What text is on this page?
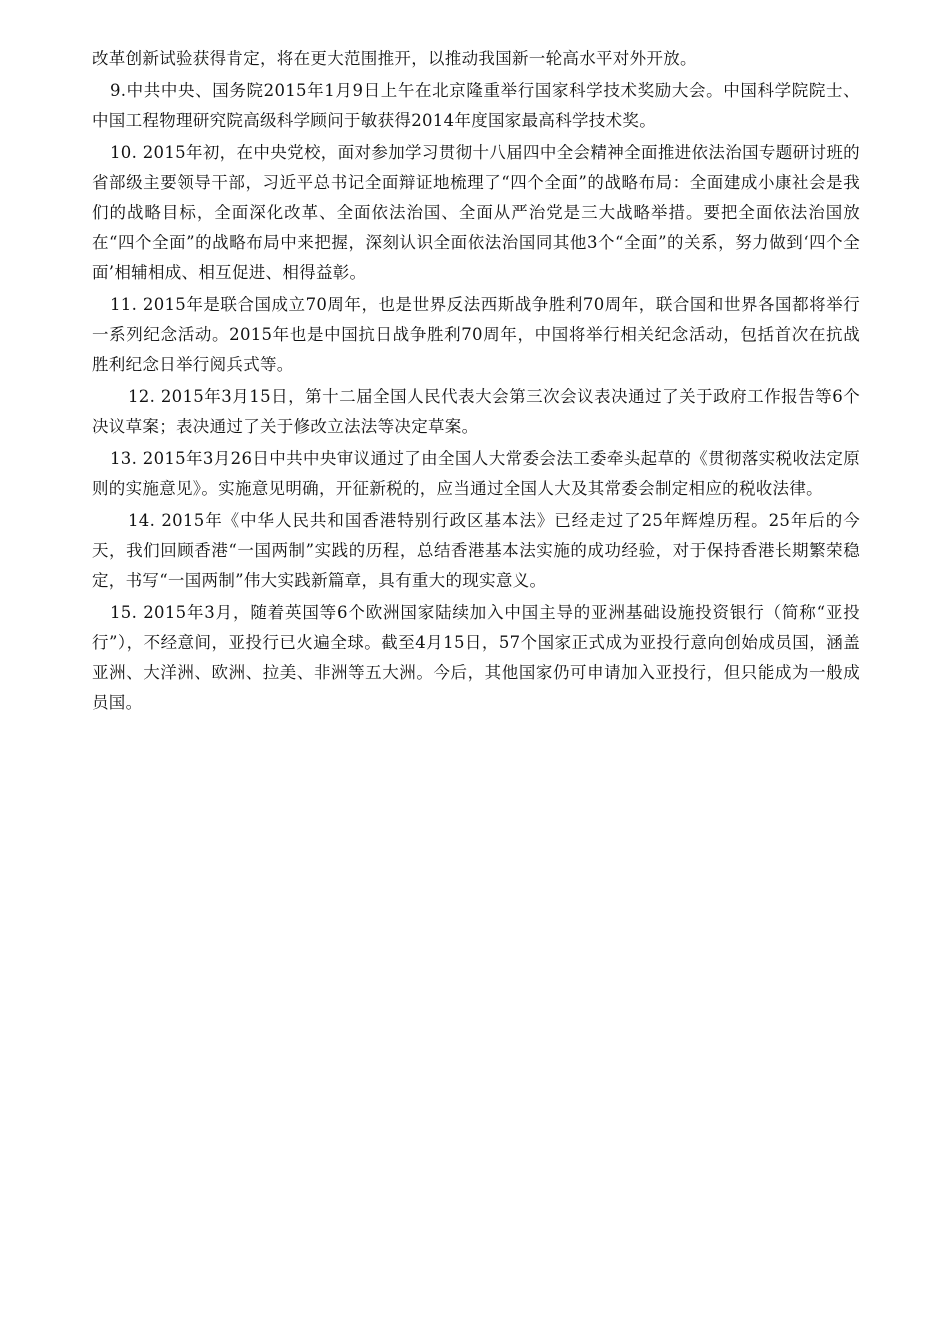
改革创新试验获得肯定，将在更大范围推开，以推动我国新一轮高水平对外开放。

9.中共中央、国务院2015年1月9日上午在北京隆重举行国家科学技术奖励大会。中国科学院院士、中国工程物理研究院高级科学顾问于敏获得2014年度国家最高科学技术奖。

10. 2015年初，在中央党校，面对参加学习贯彻十八届四中全会精神全面推进依法治国专题研讨班的省部级主要领导干部，习近平总书记全面辩证地梳理了“四个全面”的战略布局：全面建成小康社会是我们的战略目标，全面深化改革、全面依法治国、全面从严治党是三大战略举措。要把全面依法治国放在“四个全面”的战略布局中来把握，深刻认识全面依法治国同其他3个“全面”的关系，努力做到‘四个全面’相辅相成、相互促进、相得益彰。

11. 2015年是联合国成立70周年，也是世界反法西斯战争胜利70周年，联合国和世界各国都将举行一系列纪念活动。2015年也是中国抗日战争胜利70周年，中国将举行相关纪念活动，包括首次在抗战胜利纪念日举行阅兵式等。

12. 2015年3月15日，第十二届全国人民代表大会第三次会议表决通过了关于政府工作报告等6个决议草案；表决通过了关于修改立法法等决定草案。

13. 2015年3月26日中共中央审议通过了由全国人大常委会法工委牵头起草的《贯彻落实税收法定原则的实施意见》。实施意见明确，开征新税的，应当通过全国人大及其常委会制定相应的税收法律。

14. 2015年《中华人民共和国香港特别行政区基本法》已经走过了25年辉煌历程。25年后的今天，我们回顾香港“一国两制”实践的历程，总结香港基本法实施的成功经验，对于保持香港长期繁荣稳定，书写“一国两制”伟大实践新篇章，具有重大的现实意义。

15. 2015年3月，随着英国等6个欧洲国家陆续加入中国主导的亚洲基础设施投资银行（简称“亚投行”），不经意间，亚投行已火遍全球。截至4月15日，57个国家正式成为亚投行意向创始成员国，涵盖亚洲、大洋洲、欧洲、拉美、非洲等五大洲。今后，其他国家仍可申请加入亚投行，但只能成为一般成员国。
